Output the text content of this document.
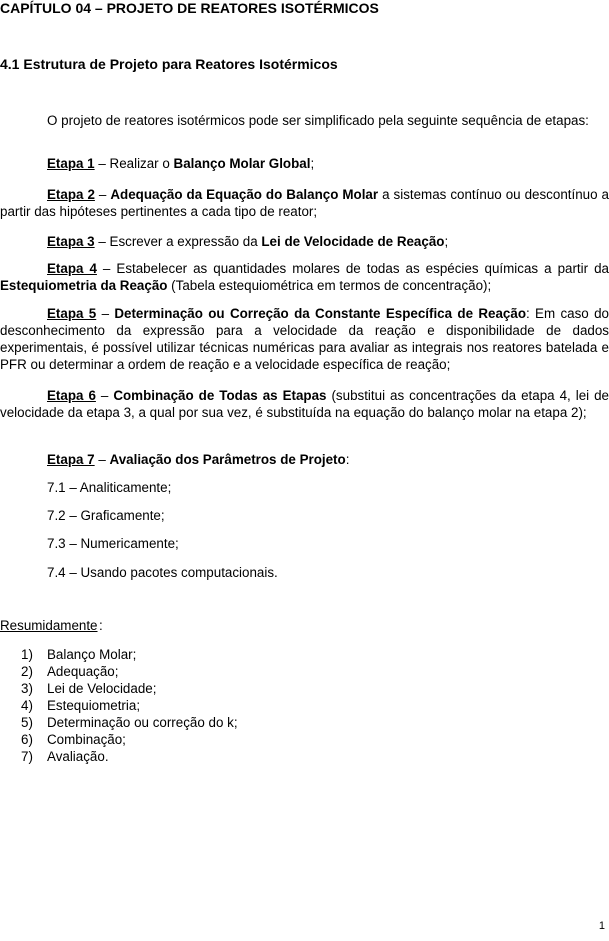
CAPÍTULO 04 – PROJETO DE REATORES ISOTÉRMICOS
4.1 Estrutura de Projeto para Reatores Isotérmicos
O projeto de reatores isotérmicos pode ser simplificado pela seguinte sequência de etapas:
Etapa 1 – Realizar o Balanço Molar Global;
Etapa 2 – Adequação da Equação do Balanço Molar a sistemas contínuo ou descontínuo a partir das hipóteses pertinentes a cada tipo de reator;
Etapa 3 – Escrever a expressão da Lei de Velocidade de Reação;
Etapa 4 – Estabelecer as quantidades molares de todas as espécies químicas a partir da Estequiometria da Reação (Tabela estequiométrica em termos de concentração);
Etapa 5 – Determinação ou Correção da Constante Específica de Reação: Em caso do desconhecimento da expressão para a velocidade da reação e disponibilidade de dados experimentais, é possível utilizar técnicas numéricas para avaliar as integrais nos reatores batelada e PFR ou determinar a ordem de reação e a velocidade específica de reação;
Etapa 6 – Combinação de Todas as Etapas (substitui as concentrações da etapa 4, lei de velocidade da etapa 3, a qual por sua vez, é substituída na equação do balanço molar na etapa 2);
Etapa 7 – Avaliação dos Parâmetros de Projeto:
7.1 – Analiticamente;
7.2 – Graficamente;
7.3 – Numericamente;
7.4 – Usando pacotes computacionais.
Resumidamente :
1) Balanço Molar;
2) Adequação;
3) Lei de Velocidade;
4) Estequiometria;
5) Determinação ou correção do k;
6) Combinação;
7) Avaliação.
1
